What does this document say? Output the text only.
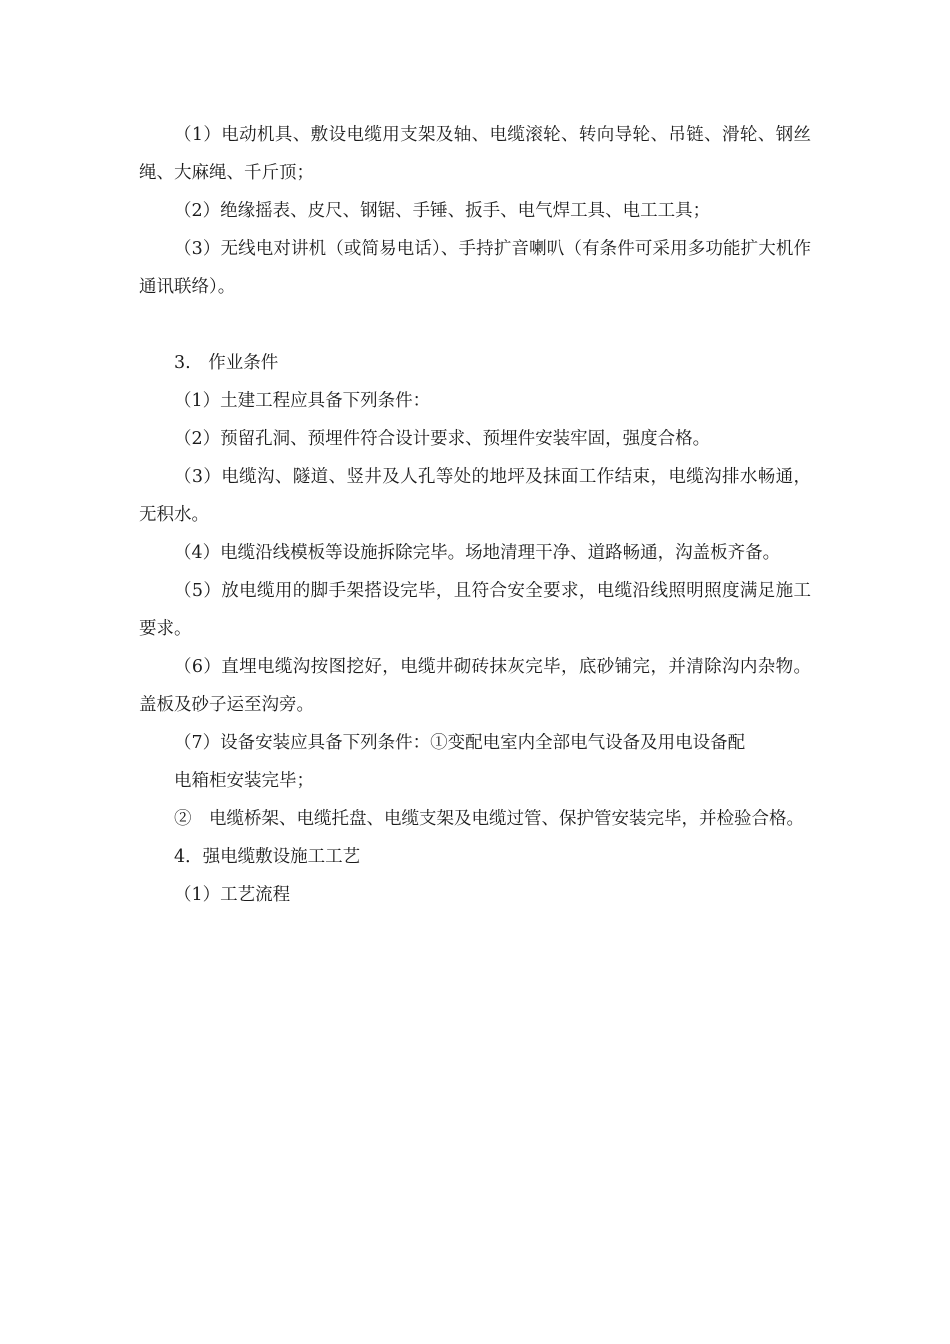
（1）电动机具、敷设电缆用支架及轴、电缆滚轮、转向导轮、吊链、滑轮、钢丝绳、大麻绳、千斤顶；

（2）绝缘摇表、皮尺、钢锯、手锤、扳手、电气焊工具、电工工具；

（3）无线电对讲机（或简易电话）、手持扩音喇叭（有条件可采用多功能扩大机作通讯联络）。

3.　作业条件

（1）土建工程应具备下列条件：

（2）预留孔洞、预埋件符合设计要求、预埋件安装牢固，强度合格。

（3）电缆沟、隧道、竖井及人孔等处的地坪及抹面工作结束，电缆沟排水畅通，无积水。

（4）电缆沿线模板等设施拆除完毕。场地清理干净、道路畅通，沟盖板齐备。

（5）放电缆用的脚手架搭设完毕，且符合安全要求，电缆沿线照明照度满足施工要求。

（6）直埋电缆沟按图挖好，电缆井砌砖抹灰完毕，底砂铺完，并清除沟内杂物。盖板及砂子运至沟旁。

（7）设备安装应具备下列条件：①变配电室内全部电气设备及用电设备配

电箱柜安装完毕；

②　电缆桥架、电缆托盘、电缆支架及电缆过管、保护管安装完毕，并检验合格。

4．强电缆敷设施工工艺

（1）工艺流程
